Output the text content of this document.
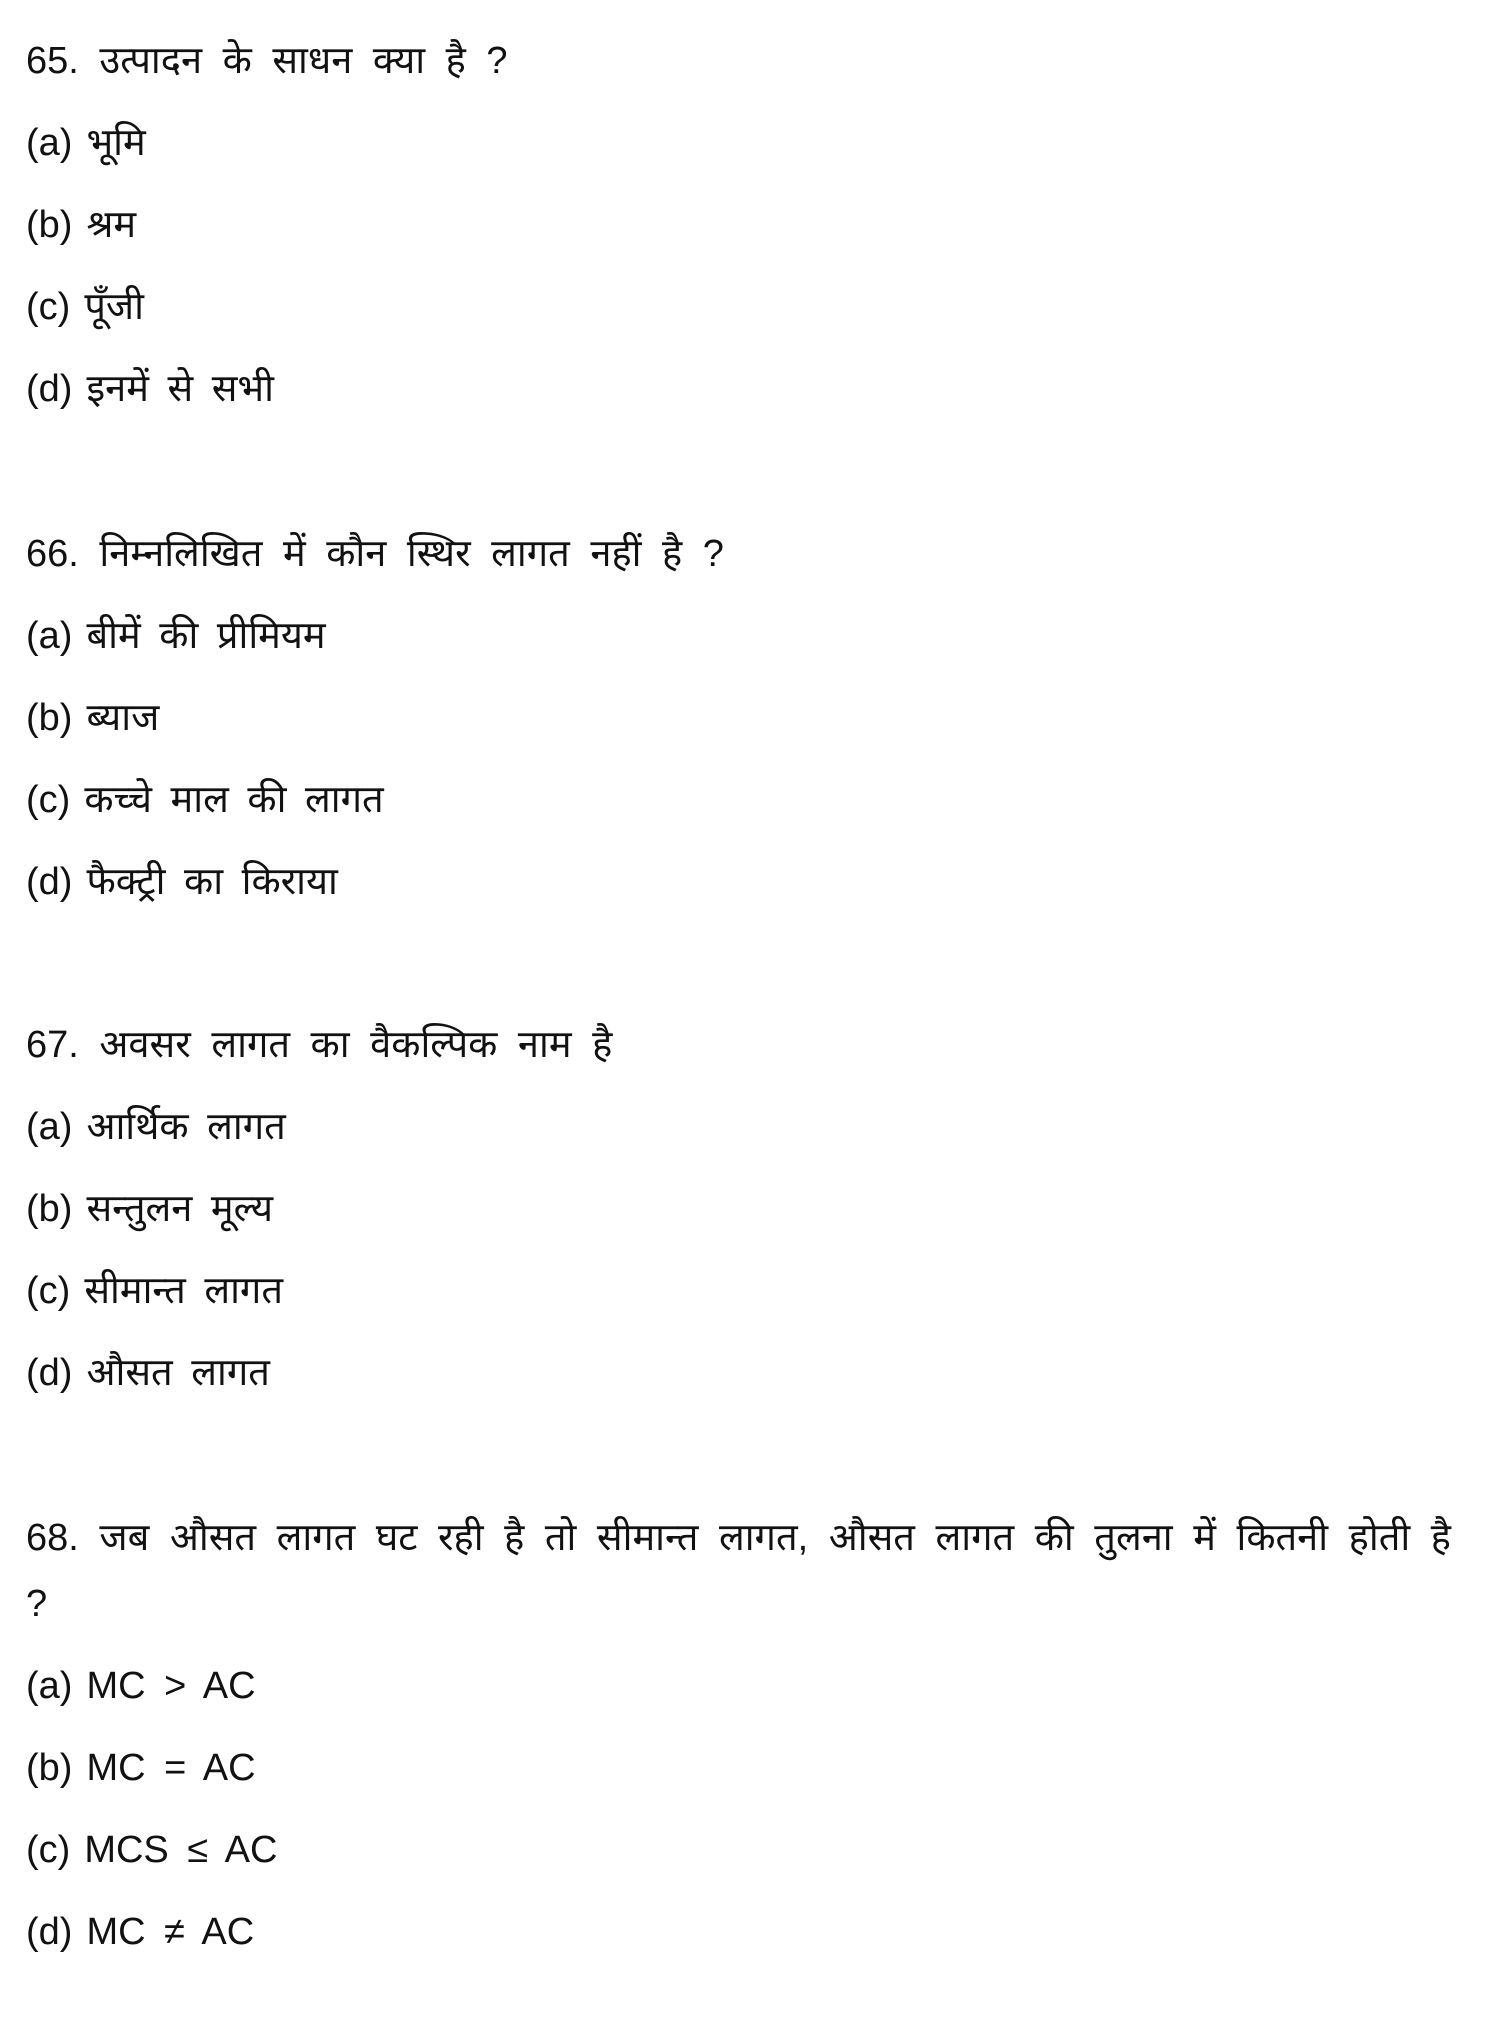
65. उत्पादन के साधन क्या है ?
(a) भूमि
(b) श्रम
(c) पूँजी
(d) इनमें से सभी
66. निम्नलिखित में कौन स्थिर लागत नहीं है ?
(a) बीमें की प्रीमियम
(b) ब्याज
(c) कच्चे माल की लागत
(d) फैक्ट्री का किराया
67. अवसर लागत का वैकल्पिक नाम है
(a) आर्थिक लागत
(b) सन्तुलन मूल्य
(c) सीमान्त लागत
(d) औसत लागत
68. जब औसत लागत घट रही है तो सीमान्त लागत, औसत लागत की तुलना में कितनी होती है ?
(a) MC > AC
(b) MC = AC
(c) MCS ≤ AC
(d) MC ≠ AC
